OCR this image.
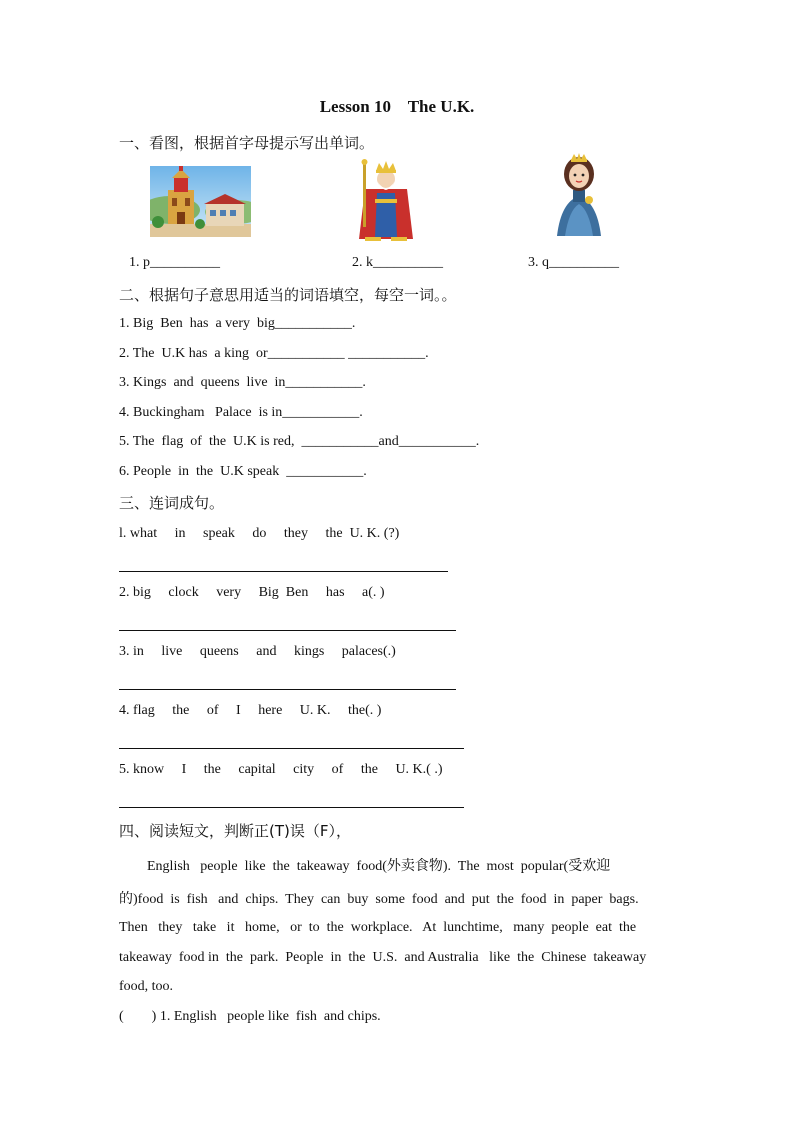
Lesson 10    The U.K.
一、看图，根据首字母提示写出单词。
1. p__________	2. k__________	3. q__________
二、根据句子意思用适当的词语填空，每空一词。。
1. Big  Ben  has  a very  big___________.
2. The  U.K has  a king  or___________ ___________.
3. Kings  and  queens  live  in___________.
4. Buckingham   Palace  is in___________.
5. The  flag  of  the  U.K is red,  ___________and___________.
6. People  in  the  U.K speak  ___________.
三、连词成句。
l. what     in     speak     do     they     the  U. K. (?)
2. big     clock     very     Big  Ben     has     a(. )
3. in     live     queens     and     kings     palaces(.)
4. flag     the     of     I     here     U. K.     the(. )
5. know     I     the     capital     city     of     the     U. K.( .)
四、阅读短文，判断正(T)误（F），
English   people  like  the  takeaway  food(外卖食物).  The  most  popular(受欢迎
的)food  is  fish   and  chips.  They  can  buy  some  food  and  put  the  food  in  paper  bags.
Then   they   take   it   home,   or  to  the  workplace.   At  lunchtime,   many  people  eat  the
takeaway  food in  the  park.  People  in  the  U.S.  and Australia   like  the  Chinese  takeaway
food, too.
(        ) 1. English   people like  fish  and chips.
